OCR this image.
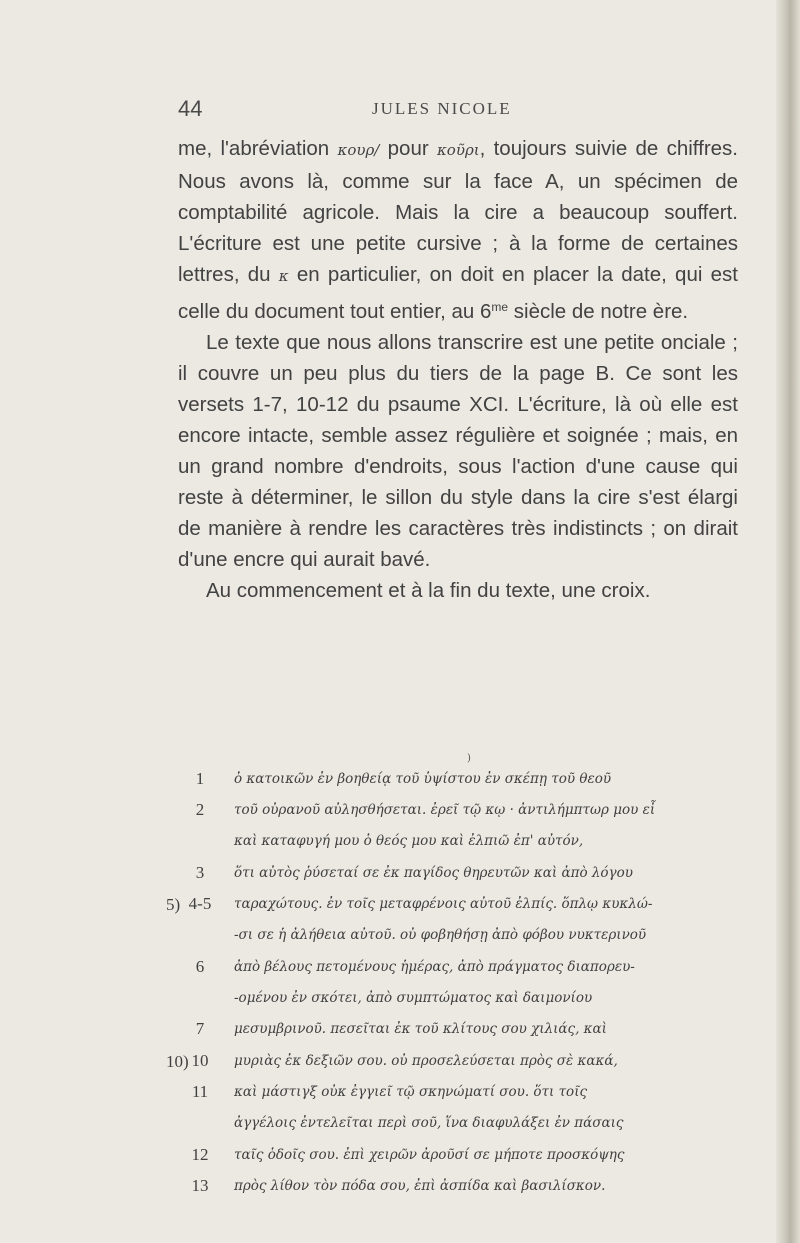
44	JULES NICOLE

me, l'abréviation κουρ/ pour κοῦρι, toujours suivie de chiffres. Nous avons là, comme sur la face A, un spécimen de comptabilité agricole. Mais la cire a beaucoup souffert. L'écriture est une petite cursive ; à la forme de certaines lettres, du κ en particulier, on doit en placer la date, qui est celle du document tout entier, au $6^{me}$ siècle de notre ère.

Le texte que nous allons transcrire est une petite onciale ; il couvre un peu plus du tiers de la page B. Ce sont les versets 1-7, 10-12 du psaume XCI. L'écriture, là où elle est encore intacte, semble assez régulière et soignée ; mais, en un grand nombre d'endroits, sous l'action d'une cause qui reste à déterminer, le sillon du style dans la cire s'est élargi de manière à rendre les caractères très indistincts ; on dirait d'une encre qui aurait bavé.

Au commencement et à la fin du texte, une croix.

)
1	ὁ κατοικῶν ἐν βοηθείᾳ τοῦ ὑψίστου ἐν σκέπῃ τοῦ θεοῦ
2	τοῦ οὐρανοῦ αὐλησθήσεται. ἐρεῖ τῷ κῳ · ἀντιλήμπτωρ μου εἶ
καὶ καταφυγή μου ὁ θεός μου καὶ ἐλπιῶ ἐπ' αὐτόν,
3	ὅτι αὐτὸς ῥύσεταί σε ἐκ παγίδος θηρευτῶν καὶ ἀπὸ λόγου
5) 4-5	ταραχώτους. ἐν τοῖς μεταφρένοις αὐτοῦ ἐλπίς. ὅπλῳ κυκλώ-
-σι σε ἡ ἀλήθεια αὐτοῦ. οὐ φοβηθήσῃ ἀπὸ φόβου νυκτερινοῦ
6	ἀπὸ βέλους πετομένους ἡμέρας, ἀπὸ πράγματος διαπορευ-
-ομένου ἐν σκότει, ἀπὸ συμπτώματος καὶ δαιμονίου
7	μεσυμβρινοῦ. πεσεῖται ἐκ τοῦ κλίτους σου χιλιάς, καὶ
10) 10	μυριὰς ἐκ δεξιῶν σου. οὐ προσελεύσεται πρὸς σὲ κακά,
11	καὶ μάστιγξ οὐκ ἐγγιεῖ τῷ σκηνώματί σου. ὅτι τοῖς
ἀγγέλοις ἐντελεῖται περὶ σοῦ, ἵνα διαφυλάξει ἐν πάσαις
12	ταῖς ὁδοῖς σου. ἐπὶ χειρῶν ἀροῦσί σε μήποτε προσκόψης
13	πρὸς λίθον τὸν πόδα σου, ἐπὶ ἀσπίδα καὶ βασιλίσκον.
